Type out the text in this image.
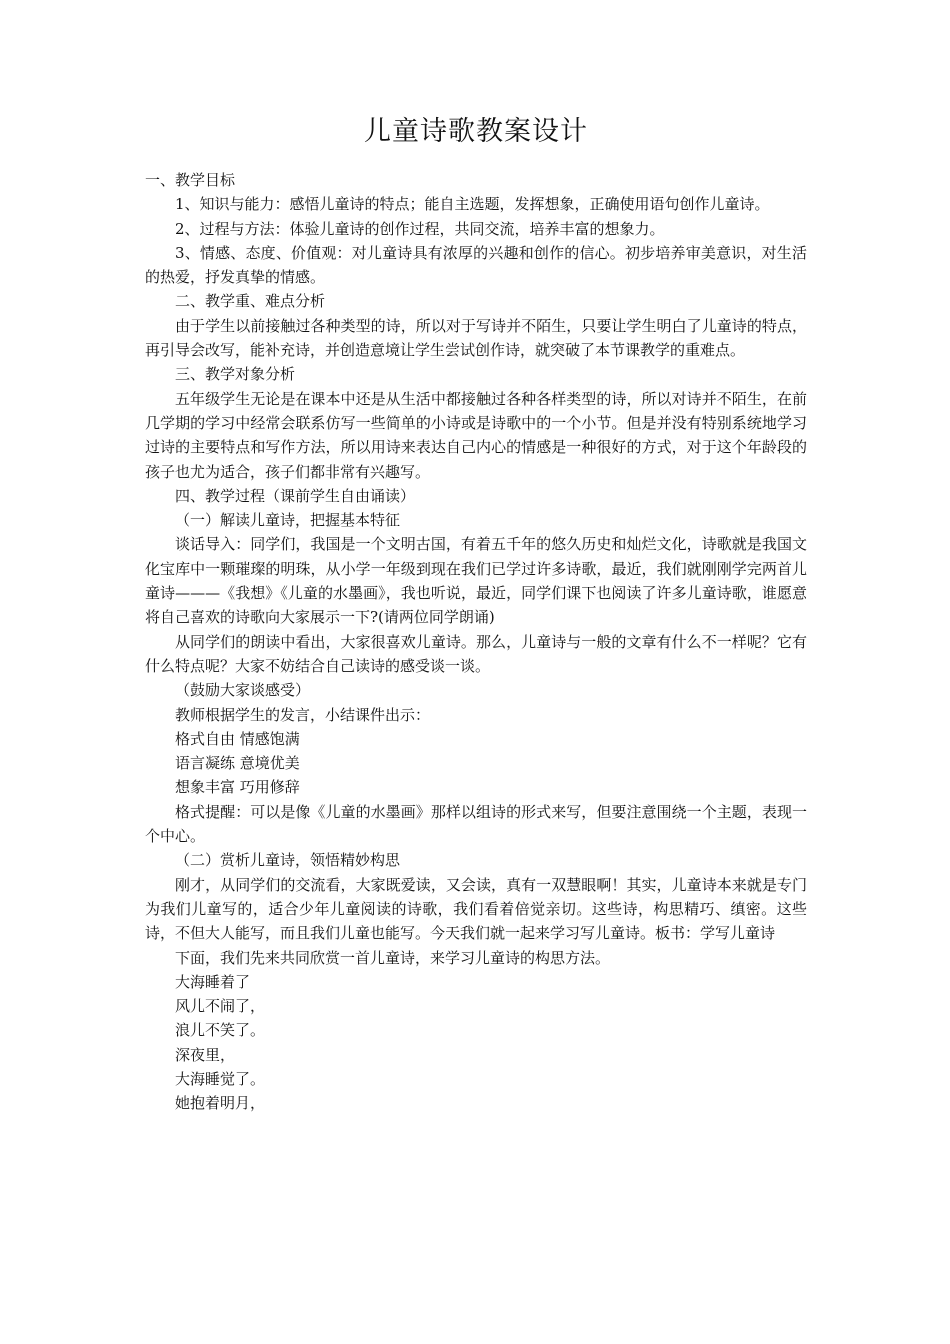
儿童诗歌教案设计

一、教学目标

1、知识与能力：感悟儿童诗的特点；能自主选题，发挥想象，正确使用语句创作儿童诗。

2、过程与方法：体验儿童诗的创作过程，共同交流，培养丰富的想象力。

3、情感、态度、价值观：对儿童诗具有浓厚的兴趣和创作的信心。初步培养审美意识，对生活的热爱，抒发真挚的情感。

二、教学重、难点分析

由于学生以前接触过各种类型的诗，所以对于写诗并不陌生，只要让学生明白了儿童诗的特点，再引导会改写，能补充诗，并创造意境让学生尝试创作诗，就突破了本节课教学的重难点。

三、教学对象分析

五年级学生无论是在课本中还是从生活中都接触过各种各样类型的诗，所以对诗并不陌生，在前几学期的学习中经常会联系仿写一些简单的小诗或是诗歌中的一个小节。但是并没有特别系统地学习过诗的主要特点和写作方法，所以用诗来表达自己内心的情感是一种很好的方式，对于这个年龄段的孩子也尤为适合，孩子们都非常有兴趣写。

四、教学过程（课前学生自由诵读）

（一）解读儿童诗，把握基本特征

谈话导入：同学们，我国是一个文明古国，有着五千年的悠久历史和灿烂文化，诗歌就是我国文化宝库中一颗璀璨的明珠，从小学一年级到现在我们已学过许多诗歌，最近，我们就刚刚学完两首儿童诗———《我想》《儿童的水墨画》，我也听说，最近，同学们课下也阅读了许多儿童诗歌，谁愿意将自己喜欢的诗歌向大家展示一下?(请两位同学朗诵)

从同学们的朗读中看出，大家很喜欢儿童诗。那么，儿童诗与一般的文章有什么不一样呢？它有什么特点呢？大家不妨结合自己读诗的感受谈一谈。

（鼓励大家谈感受）

教师根据学生的发言，小结课件出示：

格式自由 情感饱满

语言凝练 意境优美

想象丰富 巧用修辞

格式提醒：可以是像《儿童的水墨画》那样以组诗的形式来写，但要注意围绕一个主题，表现一个中心。

（二）赏析儿童诗，领悟精妙构思

刚才，从同学们的交流看，大家既爱读，又会读，真有一双慧眼啊！其实，儿童诗本来就是专门为我们儿童写的，适合少年儿童阅读的诗歌，我们看着倍觉亲切。这些诗，构思精巧、缜密。这些诗，不但大人能写，而且我们儿童也能写。今天我们就一起来学习写儿童诗。板书：学写儿童诗

下面，我们先来共同欣赏一首儿童诗，来学习儿童诗的构思方法。

大海睡着了

风儿不闹了，

浪儿不笑了。

深夜里，

大海睡觉了。

她抱着明月，
